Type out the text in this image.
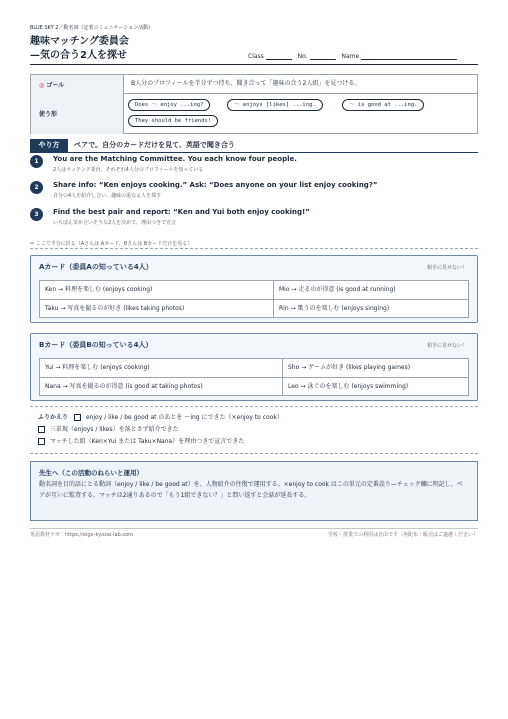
BLUE SKY 2／動名詞（定着コミュニケーション活動）
趣味マッチング委員会
—気の合う2人を探せ	Class	No.	Name
◎ ゴール	B人分のプロフィールを半分ずつ持ち、聞き合って「趣味の合う2人組」を見つける。
使う形
Does ～ enjoy ...ing?	～ enjoys [likes] ...ing.	～ is good at ...ing.
They should be friends!
やり方	ペアで。自分のカードだけを見て、英語で聞き合う
1	You are the Matching Committee. You each know four people.
2人はマッチング委員。それぞれ4人分のプロフィールを知っている
2	Share info: “Ken enjoys cooking.” Ask: “Does anyone on your list enjoy cooking?”
自分の4人を紹介し合い、趣味の重なる人を探す
3	Find the best pair and report: “Ken and Yui both enjoy cooking!”
いちばん気が合いそうな2人を決めて、理由つきで宣言
✂ ここで半分に折る（Aさんは Aカード、Bさんは Bカードだけを見る）
Aカード（委員Aの知っている4人）	相手に見せない！
Ken → 料理を楽しむ (enjoys cooking)	Mio → 走るのが得意 (is good at running)
Taku → 写真を撮るのが好き (likes taking photos)	Rin → 歌うのを楽しむ (enjoys singing)
Bカード（委員Bの知っている4人）	相手に見せない！
Yui → 料理を楽しむ (enjoys cooking)	Sho → ゲームが好き (likes playing games)
Nana → 写真を撮るのが得意 (is good at taking photos)	Leo → 泳ぐのを楽しむ (enjoys swimming)
ふりかえり	enjoy / like / be good at のあとを ～ing にできた（×enjoy to cook）
三単現（enjoys / likes）を落とさず紹介できた
マッチした組（Ken×Yui または Taku×Nana）を理由つきで宣言できた
先生へ（この活動のねらいと運用）
動名詞を目的語にとる動詞（enjoy / like / be good at）を、人物紹介の往復で運用する。×enjoy to cook はこの単元の定番誤り—チェック欄に明記し、ペアが互いに監査する。マッチは2通りあるので「もう1組できない？」と問い返すと会話が延長する。
英語教材ラボ　https://eigo-kyozai-lab.com	学校・授業での利用は自由です（再配布・販売はご遠慮ください）
